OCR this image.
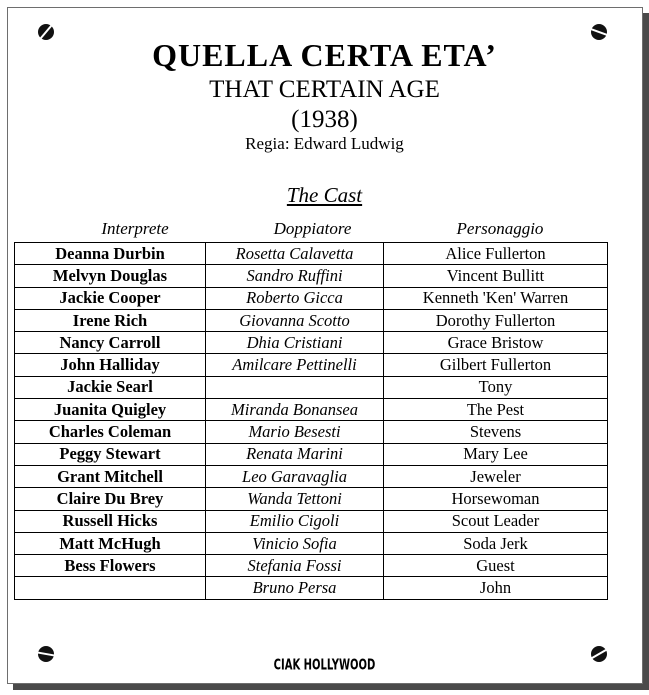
QUELLA CERTA ETA’
THAT CERTAIN AGE
(1938)
Regia: Edward Ludwig
The Cast
Interprete	Doppiatore	Personaggio
Deanna Durbin	Rosetta Calavetta	Alice Fullerton
Melvyn Douglas	Sandro Ruffini	Vincent Bullitt
Jackie Cooper	Roberto Gicca	Kenneth 'Ken' Warren
Irene Rich	Giovanna Scotto	Dorothy Fullerton
Nancy Carroll	Dhia Cristiani	Grace Bristow
John Halliday	Amilcare Pettinelli	Gilbert Fullerton
Jackie Searl		Tony
Juanita Quigley	Miranda Bonansea	The Pest
Charles Coleman	Mario Besesti	Stevens
Peggy Stewart	Renata Marini	Mary Lee
Grant Mitchell	Leo Garavaglia	Jeweler
Claire Du Brey	Wanda Tettoni	Horsewoman
Russell Hicks	Emilio Cigoli	Scout Leader
Matt McHugh	Vinicio Sofia	Soda Jerk
Bess Flowers	Stefania Fossi	Guest
	Bruno Persa	John
CIAK HOLLYWOOD
